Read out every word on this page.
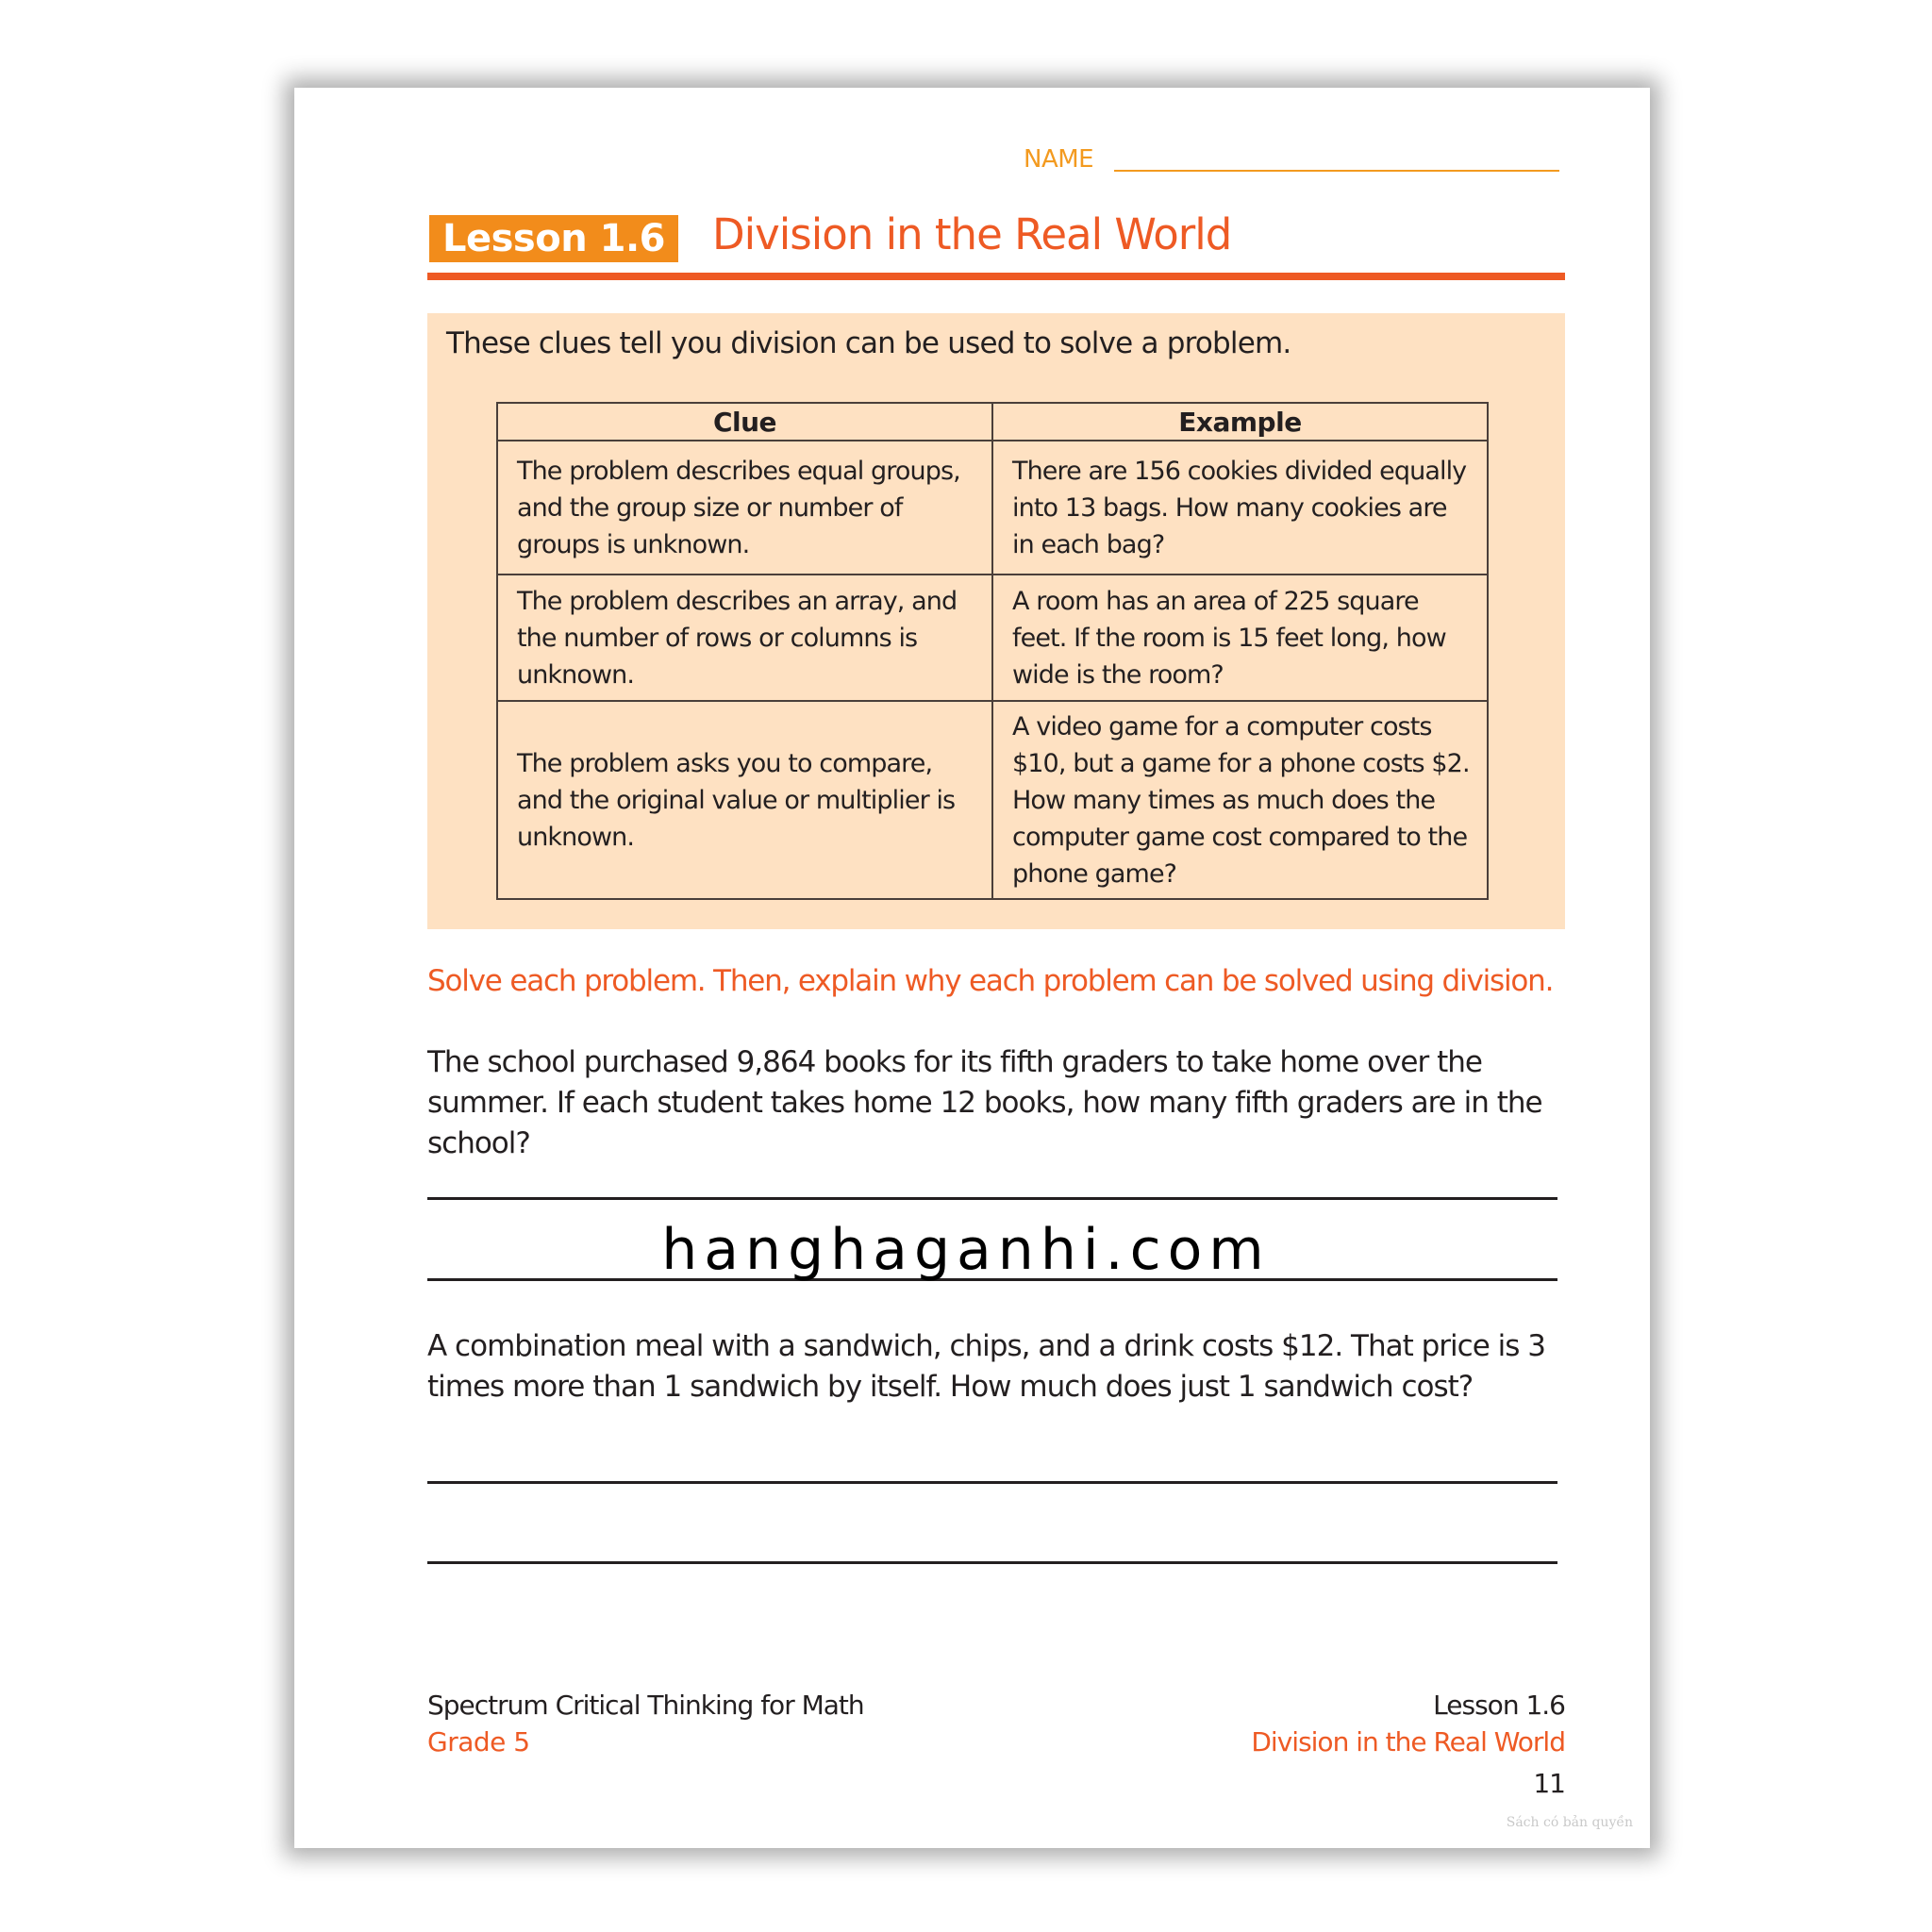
NAME
Lesson 1.6	Division in the Real World
These clues tell you division can be used to solve a problem.
Clue	Example
The problem describes equal groups, and the group size or number of groups is unknown.	There are 156 cookies divided equally into 13 bags. How many cookies are in each bag?
The problem describes an array, and the number of rows or columns is unknown.	A room has an area of 225 square feet. If the room is 15 feet long, how wide is the room?
The problem asks you to compare, and the original value or multiplier is unknown.	A video game for a computer costs $10, but a game for a phone costs $2. How many times as much does the computer game cost compared to the phone game?
Solve each problem. Then, explain why each problem can be solved using division.
The school purchased 9,864 books for its fifth graders to take home over the summer. If each student takes home 12 books, how many fifth graders are in the school?
hanghaganhi.com
A combination meal with a sandwich, chips, and a drink costs $12. That price is 3 times more than 1 sandwich by itself. How much does just 1 sandwich cost?
Spectrum Critical Thinking for Math
Grade 5
Lesson 1.6
Division in the Real World
11
Sách có bản quyền
